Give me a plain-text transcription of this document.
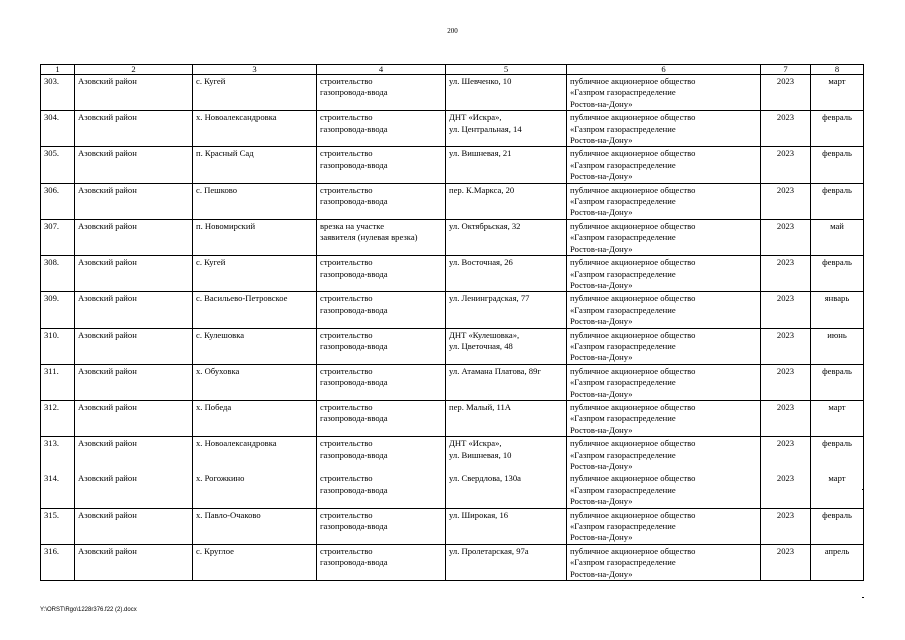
200
1	2	3	4	5	6	7	8
303.	Азовский район	с. Кугей	строительство
газопровода-ввода	ул. Шевченко, 10	публичное акционерное общество
«Газпром газораспределение
Ростов-на-Дону»	2023	март
304.	Азовский район	х. Новоалександровка	строительство
газопровода-ввода	ДНТ «Искра»,
ул. Центральная, 14	публичное акционерное общество
«Газпром газораспределение
Ростов-на-Дону»	2023	февраль
305.	Азовский район	п. Красный Сад	строительство
газопровода-ввода	ул. Вишневая, 21	публичное акционерное общество
«Газпром газораспределение
Ростов-на-Дону»	2023	февраль
306.	Азовский район	с. Пешково	строительство
газопровода-ввода	пер. К.Маркса, 20	публичное акционерное общество
«Газпром газораспределение
Ростов-на-Дону»	2023	февраль
307.	Азовский район	п. Новомирский	врезка на участке
заявителя (нулевая врезка)	ул. Октябрьская, 32	публичное акционерное общество
«Газпром газораспределение
Ростов-на-Дону»	2023	май
308.	Азовский район	с. Кугей	строительство
газопровода-ввода	ул. Восточная, 26	публичное акционерное общество
«Газпром газораспределение
Ростов-на-Дону»	2023	февраль
309.	Азовский район	с. Васильево-Петровское	строительство
газопровода-ввода	ул. Ленинградская, 77	публичное акционерное общество
«Газпром газораспределение
Ростов-на-Дону»	2023	январь
310.	Азовский район	с. Кулешовка	строительство
газопровода-ввода	ДНТ «Кулешовка»,
ул. Цветочная, 48	публичное акционерное общество
«Газпром газораспределение
Ростов-на-Дону»	2023	июнь
311.	Азовский район	х. Обуховка	строительство
газопровода-ввода	ул. Атамана Платова, 89г	публичное акционерное общество
«Газпром газораспределение
Ростов-на-Дону»	2023	февраль
312.	Азовский район	х. Победа	строительство
газопровода-ввода	пер. Малый, 11А	публичное акционерное общество
«Газпром газораспределение
Ростов-на-Дону»	2023	март
313.	Азовский район	х. Новоалександровка	строительство
газопровода-ввода	ДНТ «Искра»,
ул. Вишневая, 10	публичное акционерное общество
«Газпром газораспределение
Ростов-на-Дону»	2023	февраль
314.	Азовский район	х. Рогожкино	строительство
газопровода-ввода	ул. Свердлова, 130а	публичное акционерное общество
«Газпром газораспределение
Ростов-на-Дону»	2023	март
315.	Азовский район	х. Павло-Очаково	строительство
газопровода-ввода	ул. Широкая, 16	публичное акционерное общество
«Газпром газораспределение
Ростов-на-Дону»	2023	февраль
316.	Азовский район	с. Круглое	строительство
газопровода-ввода	ул. Пролетарская, 97а	публичное акционерное общество
«Газпром газораспределение
Ростов-на-Дону»	2023	апрель
Y:\ORST\Rgo\1228r376.f22 (2).docx
